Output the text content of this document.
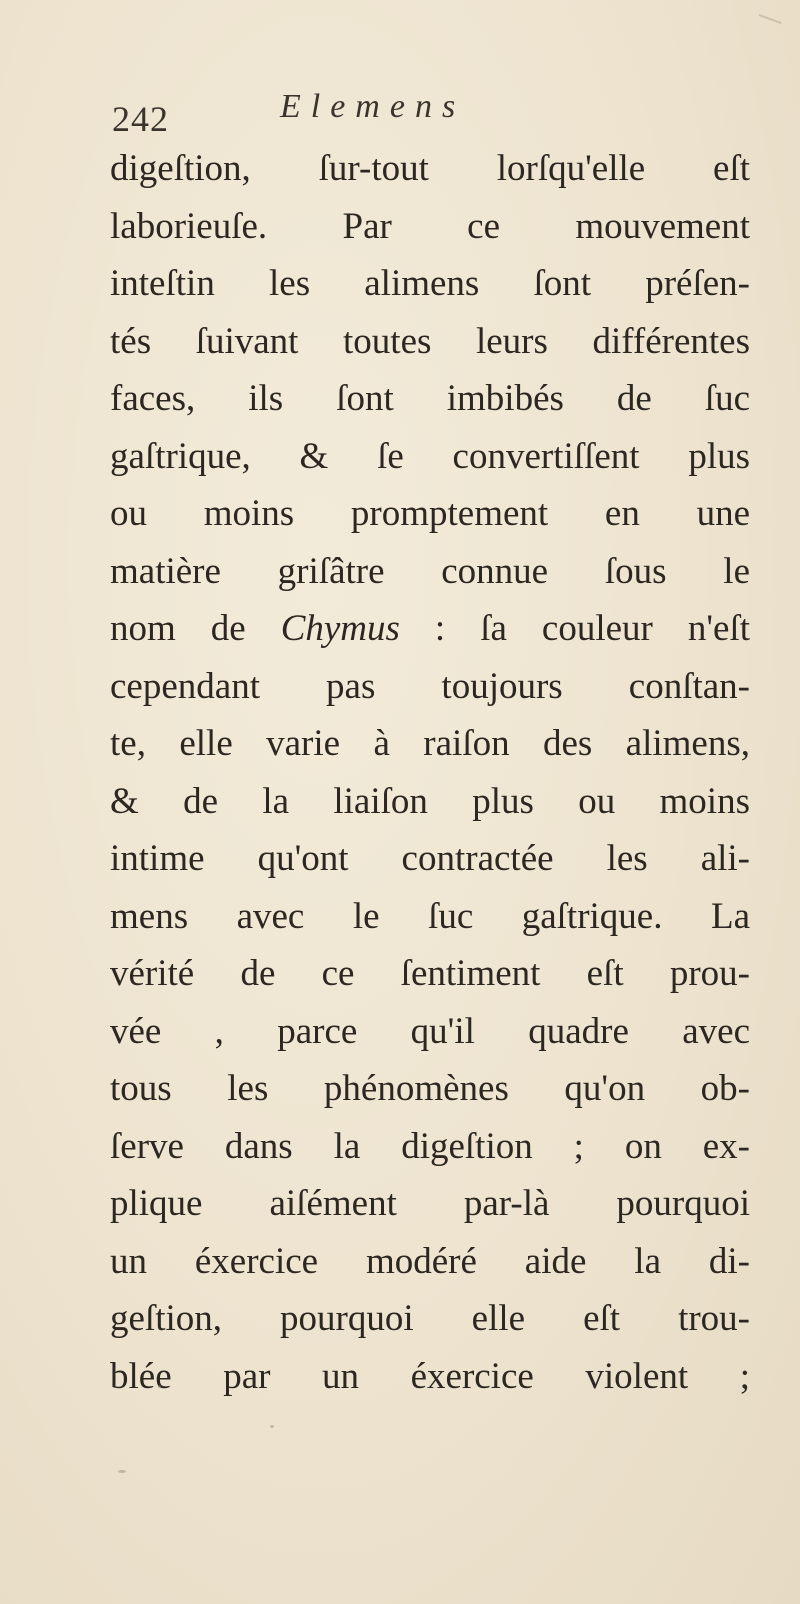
242	Elemens
digeſtion, ſur-tout lorſqu'elle eſt
laborieuſe. Par ce mouvement
inteſtin les alimens ſont préſen-
tés ſuivant toutes leurs différentes
faces, ils ſont imbibés de ſuc
gaſtrique, & ſe convertiſſent plus
ou moins promptement en une
matière griſâtre connue ſous le
nom de Chymus : ſa couleur n'eſt
cependant pas toujours conſtan-
te, elle varie à raiſon des alimens,
& de la liaiſon plus ou moins
intime qu'ont contractée les ali-
mens avec le ſuc gaſtrique. La
vérité de ce ſentiment eſt prou-
vée , parce qu'il quadre avec
tous les phénomènes qu'on ob-
ſerve dans la digeſtion ; on ex-
plique aiſément par-là pourquoi
un éxercice modéré aide la di-
geſtion, pourquoi elle eſt trou-
blée par un éxercice violent ;
